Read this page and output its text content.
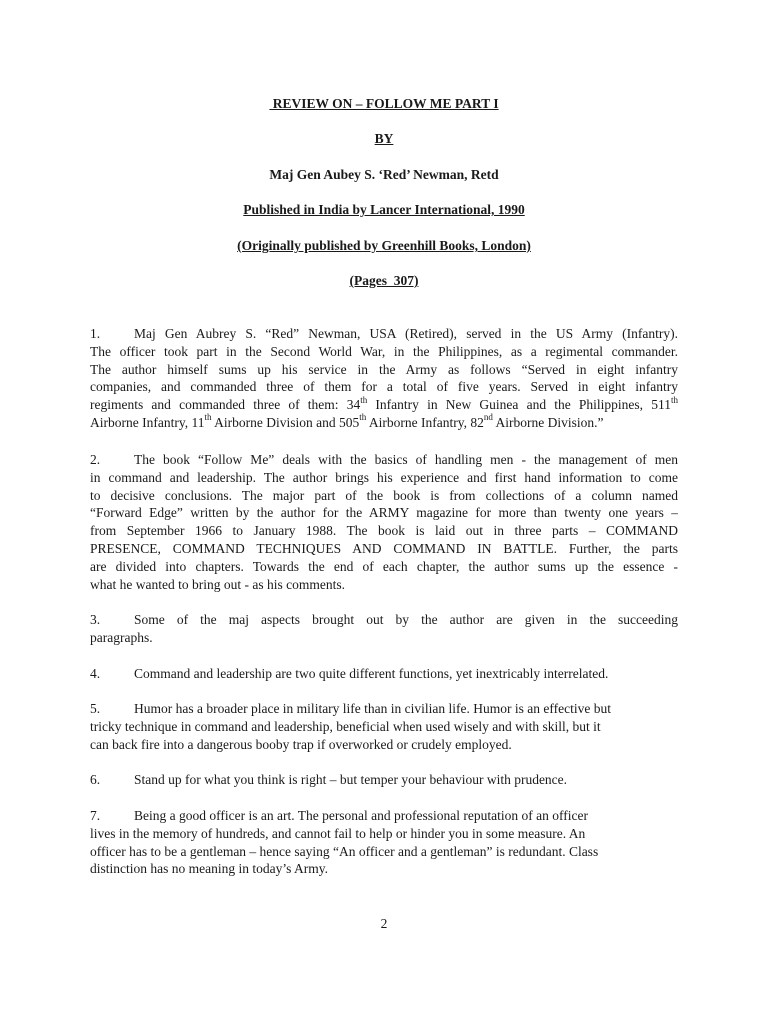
REVIEW ON – FOLLOW ME PART I
BY
Maj Gen Aubey S. ‘Red’ Newman, Retd
Published in India by Lancer International, 1990
(Originally published by Greenhill Books, London)
(Pages  307)
1.	Maj Gen Aubrey S. “Red” Newman, USA (Retired), served in the US Army (Infantry).
The officer took part in the Second World War, in the Philippines, as a regimental commander.
The author himself sums up his service in the Army as follows “Served in eight infantry
companies, and commanded three of them for a total of five years. Served in eight infantry
regiments and commanded three of them: 34th Infantry in New Guinea and the Philippines, 511th
Airborne Infantry, 11th Airborne Division and 505th Airborne Infantry, 82nd Airborne Division.”
2.	The book “Follow Me” deals with the basics of handling men - the management of men
in command and leadership. The author brings his experience and first hand information to come
to decisive conclusions. The major part of the book is from collections of a column named
“Forward Edge” written by the author for the ARMY magazine for more than twenty one years –
from September 1966 to January 1988. The book is laid out in three parts – COMMAND
PRESENCE, COMMAND TECHNIQUES AND COMMAND IN BATTLE. Further, the parts
are divided into chapters. Towards the end of each chapter, the author sums up the essence -
what he wanted to bring out - as his comments.
3.	Some of the maj aspects brought out by the author are given in the succeeding
paragraphs.
4.	Command and leadership are two quite different functions, yet inextricably interrelated.
5.	Humor has a broader place in military life than in civilian life. Humor is an effective but
tricky technique in command and leadership, beneficial when used wisely and with skill, but it
can back fire into a dangerous booby trap if overworked or crudely employed.
6.	Stand up for what you think is right – but temper your behaviour with prudence.
7.	Being a good officer is an art. The personal and professional reputation of an officer
lives in the memory of hundreds, and cannot fail to help or hinder you in some measure. An
officer has to be a gentleman – hence saying “An officer and a gentleman” is redundant. Class
distinction has no meaning in today’s Army.
2
